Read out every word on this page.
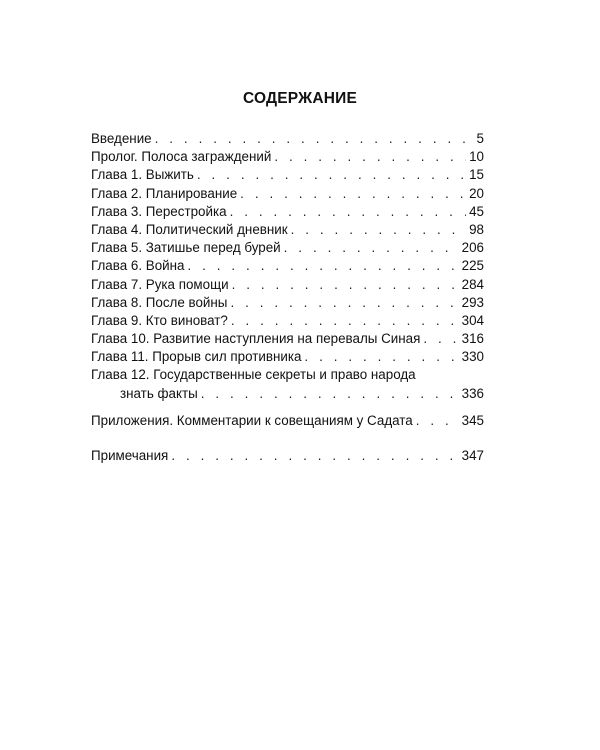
СОДЕРЖАНИЕ
Введение . . .	5
Пролог. Полоса заграждений . . .	10
Глава 1. Выжить . . .	15
Глава 2. Планирование . . .	20
Глава 3. Перестройка . . .	45
Глава 4. Политический дневник . . .	98
Глава 5. Затишье перед бурей . . .	206
Глава 6. Война . . .	225
Глава 7. Рука помощи . . .	284
Глава 8. После войны . . .	293
Глава 9. Кто виноват? . . .	304
Глава 10. Развитие наступления на перевалы Синая . . .	316
Глава 11. Прорыв сил противника . . .	330
Глава 12. Государственные секреты и право народа
знать факты . . .	336
Приложения. Комментарии к совещаниям у Садата . . .	345
Примечания . . .	347
